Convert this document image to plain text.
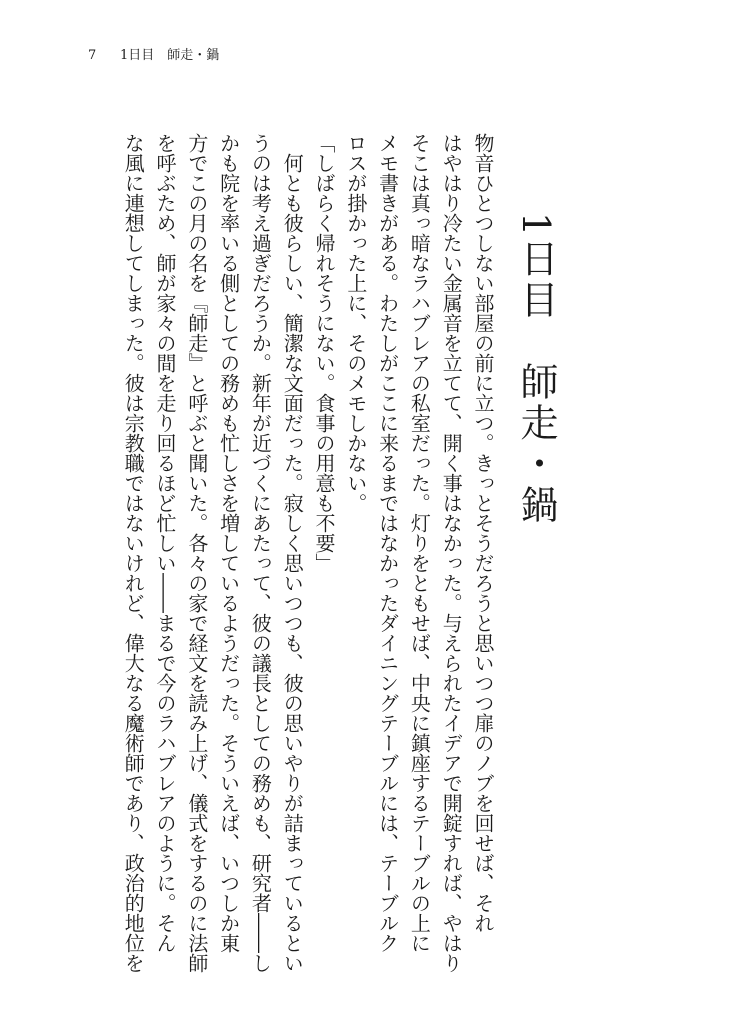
7 1日目　師走・鍋
1日目　師走・鍋
物音ひとつしない部屋の前に立つ。きっとそうだろうと思いつつ扉のノブを回せば、それ
はやはり冷たい金属音を立てて、開く事はなかった。与えられたイデアで開錠すれば、やはり
そこは真っ暗なラハブレアの私室だった。灯りをともせば、中央に鎮座するテーブルの上に
メモ書きがある。わたしがここに来るまではなかったダイニングテーブルには、テーブルク
ロスが掛かった上に、そのメモしかない。
「しばらく帰れそうにない。食事の用意も不要」
　何とも彼らしい、簡潔な文面だった。寂しく思いつつも、彼の思いやりが詰まっているとい
うのは考え過ぎだろうか。新年が近づくにあたって、彼の議長としての務めも、研究者――し
かも院を率いる側としての務めも忙しさを増しているようだった。そういえば、いつしか東
方でこの月の名を『師走』と呼ぶと聞いた。各々の家で経文を読み上げ、儀式をするのに法師
を呼ぶため、師が家々の間を走り回るほど忙しい――まるで今のラハブレアのように。そん
な風に連想してしまった。彼は宗教職ではないけれど、偉大なる魔術師であり、政治的地位を
